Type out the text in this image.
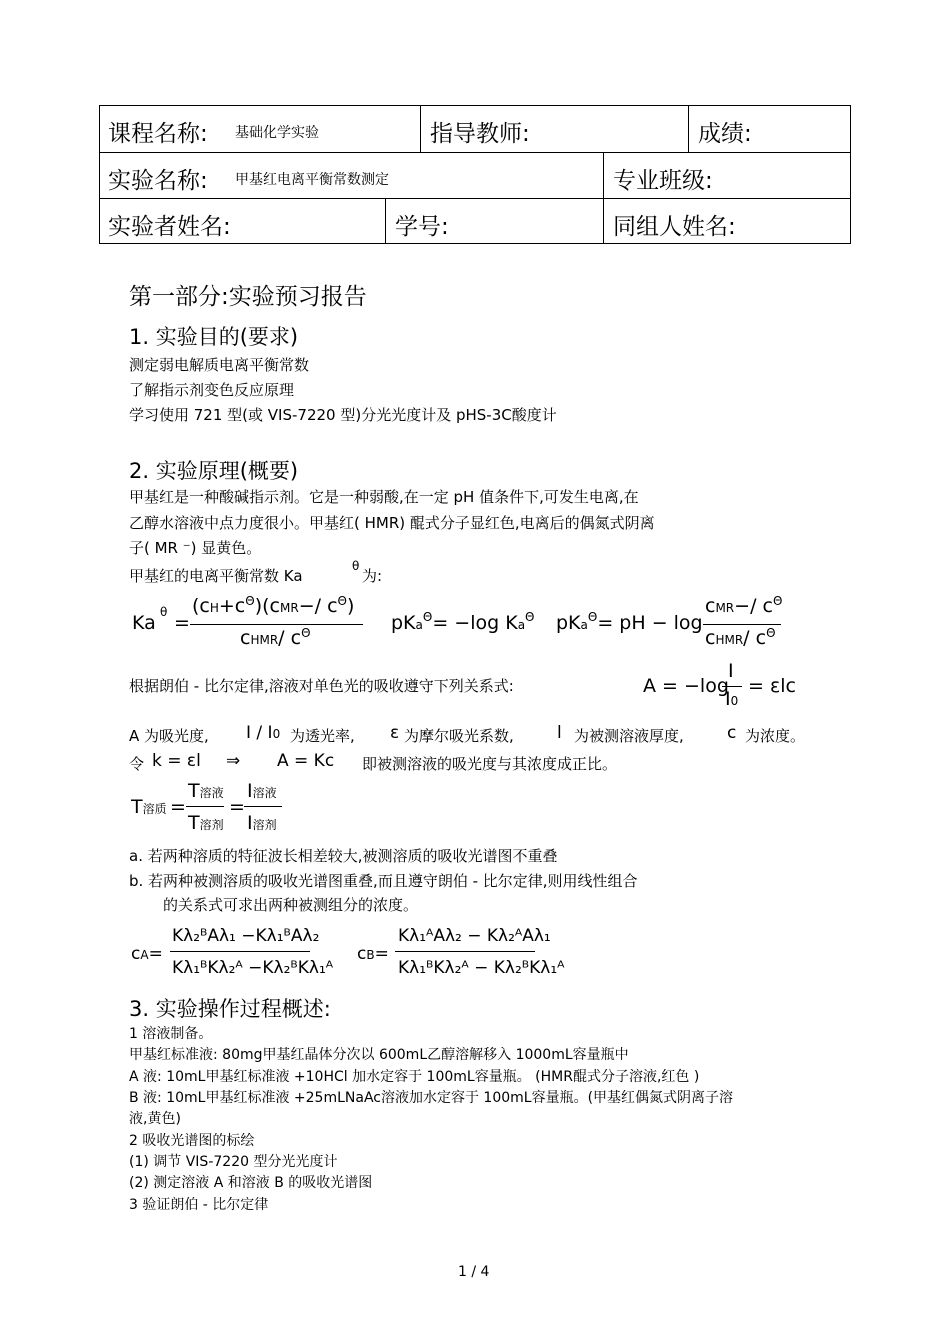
课程名称: 基础化学实验	指导教师:	成绩:
实验名称: 甲基红电离平衡常数测定	专业班级:
实验者姓名:	学号:	同组人姓名:
第一部分:实验预习报告
1. 实验目的(要求)
测定弱电解质电离平衡常数
了解指示剂变色反应原理
学习使用 721 型(或 VIS-7220 型)分光光度计及 pHS-3C酸度计
2. 实验原理(概要)
甲基红是一种酸碱指示剂。它是一种弱酸,在一定 pH 值条件下,可发生电离,在
乙醇水溶液中点力度很小。甲基红( HMR) 醌式分子显红色,电离后的偶氮式阴离
子( MR ⁻) 显黄色。
甲基红的电离平衡常数 Ka
θ
为:
Ka θ =
$(cH+c^\Theta)(cMR-/$ $c^\Theta$)
cHMR/ $c^\Theta$	pKa$^\Theta$= −log $Ka^\Theta$ pKa$^\Theta$= pH − log
cMR−/ $c^\Theta$
cHMR/ $c^\Theta$
根据朗伯 - 比尔定律,溶液对单色光的吸收遵守下列关系式:	A = −log
I
I0
= εlc
A 为吸光度, I / I0 为透光率, ε 为摩尔吸光系数,	l 为被测溶液厚度,	c 为浓度。
令 k = εl ⇒ A = Kc 即被测溶液的吸光度与其浓度成正比。
T溶质 =
T溶液
T溶剂
=
I溶液
I溶剂
a. 若两种溶质的特征波长相差较大,被测溶质的吸收光谱图不重叠
b. 若两种被测溶质的吸收光谱图重叠,而且遵守朗伯 - 比尔定律,则用线性组合
的关系式可求出两种被测组分的浓度。
cA=
Kλ₂ᴮAλ₁ −Kλ₁ᴮAλ₂
Kλ₁ᴮKλ₂ᴬ −Kλ₂ᴮKλ₁ᴬ
cB=
Kλ₁ᴬAλ₂ − Kλ₂ᴬAλ₁
Kλ₁ᴮKλ₂ᴬ − Kλ₂ᴮKλ₁ᴬ
3. 实验操作过程概述:
1 溶液制备。
甲基红标准液: 80mg甲基红晶体分次以 600mL乙醇溶解移入 1000mL容量瓶中
A 液: 10mL甲基红标准液 +10HCl 加水定容于 100mL容量瓶。 (HMR醌式分子溶液,红色 )
B 液: 10mL甲基红标准液 +25mLNaAc溶液加水定容于 100mL容量瓶。(甲基红偶氮式阴离子溶
液,黄色)
2 吸收光谱图的标绘
(1) 调节 VIS-7220 型分光光度计
(2) 测定溶液 A 和溶液 B 的吸收光谱图
3 验证朗伯 - 比尔定律
1 / 4
